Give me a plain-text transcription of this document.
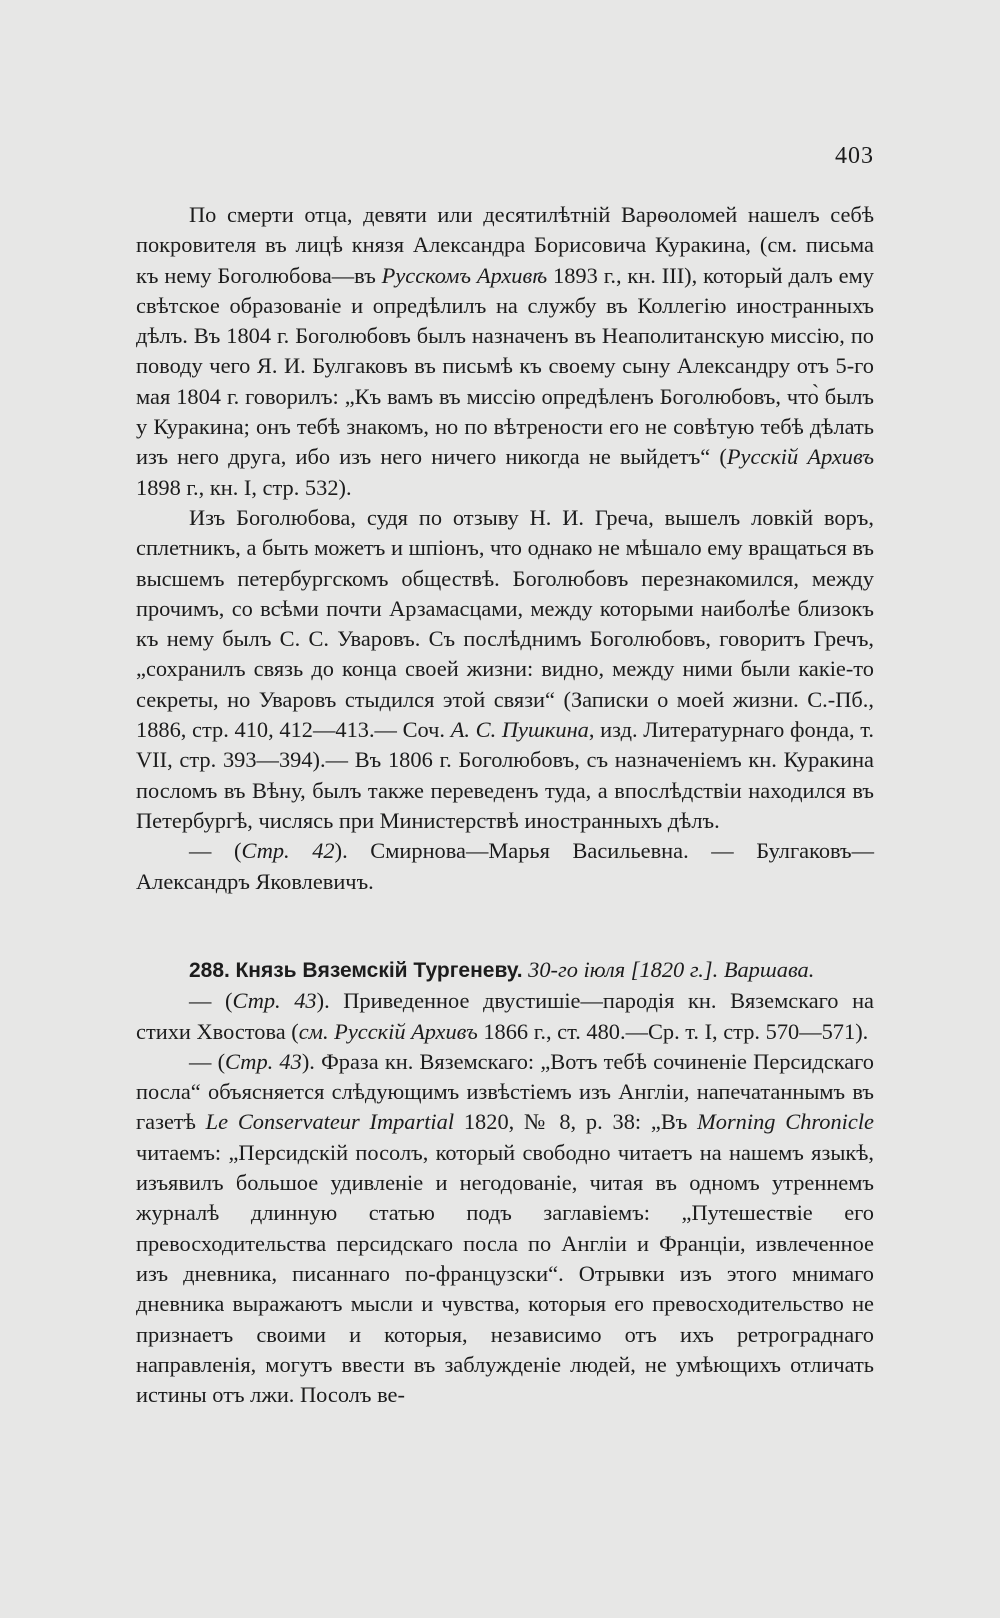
403

По смерти отца, девяти или десятилѣтній Варѳоломей нашелъ себѣ покровителя въ лицѣ князя Александра Борисовича Куракина, (см. письма къ нему Боголюбова—въ Русскомъ Архивѣ 1893 г., кн. III), который далъ ему свѣтское образованіе и опредѣлилъ на службу въ Коллегію иностранныхъ дѣлъ. Въ 1804 г. Боголюбовъ былъ назначенъ въ Неаполитанскую миссію, по поводу чего Я. И. Булгаковъ въ письмѣ къ своему сыну Александру отъ 5-го мая 1804 г. говорилъ: „Къ вамъ въ миссію опредѣленъ Боголюбовъ, что̀ былъ у Куракина; онъ тебѣ знакомъ, но по вѣтрености его не совѣтую тебѣ дѣлать изъ него друга, ибо изъ него ничего никогда не выйдетъ“ (Русскій Архивъ 1898 г., кн. I, стр. 532).

Изъ Боголюбова, судя по отзыву Н. И. Греча, вышелъ ловкій воръ, сплетникъ, а быть можетъ и шпіонъ, что однако не мѣшало ему вращаться въ высшемъ петербургскомъ обществѣ. Боголюбовъ перезнакомился, между прочимъ, со всѣми почти Арзамасцами, между которыми наиболѣе близокъ къ нему былъ С. С. Уваровъ. Съ послѣднимъ Боголюбовъ, говоритъ Гречъ, „сохранилъ связь до конца своей жизни: видно, между ними были какіе-то секреты, но Уваровъ стыдился этой связи“ (Записки о моей жизни. С.-Пб., 1886, стр. 410, 412—413.— Соч. А. С. Пушкина, изд. Литературнаго фонда, т. VII, стр. 393—394).— Въ 1806 г. Боголюбовъ, съ назначеніемъ кн. Куракина посломъ въ Вѣну, былъ также переведенъ туда, а впослѣдствіи находился въ Петербургѣ, числясь при Министерствѣ иностранныхъ дѣлъ.

— (Стр. 42). Смирнова—Марья Васильевна. — Булгаковъ—Александръ Яковлевичъ.

288. Князь Вяземскій Тургеневу. 30-го іюля [1820 г.]. Варшава.

— (Стр. 43). Приведенное двустишіе—пародія кн. Вяземскаго на стихи Хвостова (см. Русскій Архивъ 1866 г., ст. 480.—Ср. т. I, стр. 570—571).

— (Стр. 43). Фраза кн. Вяземскаго: „Вотъ тебѣ сочиненіе Персидскаго посла“ объясняется слѣдующимъ извѣстіемъ изъ Англіи, напечатаннымъ въ газетѣ Le Conservateur Impartial 1820, № 8, p. 38: „Въ Morning Chronicle читаемъ: „Персидскій посолъ, который свободно читаетъ на нашемъ языкѣ, изъявилъ большое удивленіе и негодованіе, читая въ одномъ утреннемъ журналѣ длинную статью подъ заглавіемъ: „Путешествіе его превосходительства персидскаго посла по Англіи и Франціи, извлеченное изъ дневника, писаннаго по-французски“. Отрывки изъ этого мнимаго дневника выражаютъ мысли и чувства, которыя его превосходительство не признаетъ своими и которыя, независимо отъ ихъ ретрограднаго направленія, могутъ ввести въ заблужденіе людей, не умѣющихъ отличать истины отъ лжи. Посолъ ве-
